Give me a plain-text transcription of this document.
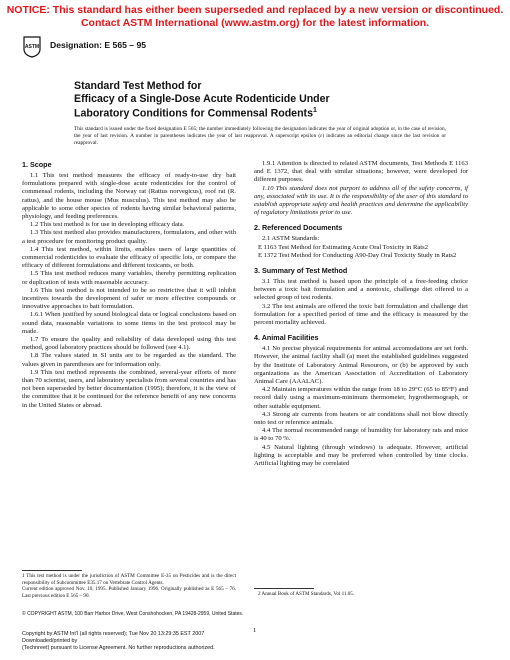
NOTICE: This standard has either been superseded and replaced by a new version or discontinued.
Contact ASTM International (www.astm.org) for the latest information.
ASTM Designation: E 565 – 95
Standard Test Method for
Efficacy of a Single-Dose Acute Rodenticide Under
Laboratory Conditions for Commensal Rodents$^1$
This standard is issued under the fixed designation E 565; the number immediately following the designation indicates the year of original adoption or, in the case of revision, the year of last revision. A number in parentheses indicates the year of last reapproval. A superscript epsilon (ε) indicates an editorial change since the last revision or reapproval.
1. Scope

1.1 This test method measures the efficacy of ready-to-use dry bait formulations prepared with single-dose acute rodenticides for the control of commensal rodents, including the Norway rat (Rattus norvegicus), roof rat (R. rattus), and the house mouse (Mus musculus). This test method may also be applicable to some other species of rodents having similar behavioral patterns, physiology, and feeding preferences.

1.2 This test method is for use in developing efficacy data.

1.3 This test method also provides manufacturers, formulators, and other with a test procedure for monitoring product quality.

1.4 This test method, within limits, enables users of large quantities of commercial rodenticides to evaluate the efficacy of specific lots, or compare the efficacy of different formulations and different toxicants, or both.

1.5 This test method reduces many variables, thereby permitting replication or duplication of tests with reasonable accuracy.

1.6 This test method is not intended to be so restrictive that it will inhibit incentives towards the development of safer or more effective compounds or innovative approaches to bait formulation.

1.6.1 When justified by sound biological data or logical conclusions based on sound data, reasonable variations to some items in the test protocol may be made.

1.7 To ensure the quality and reliability of data developed using this test method, good laboratory practices should be followed (see 4.1).

1.8 The values stated in SI units are to be regarded as the standard. The values given in parentheses are for information only.

1.9 This test method represents the combined, several-year efforts of more than 70 scientist, users, and laboratory specialists from several countries and has not been superseded by better documentation (1995); therefore, it is the view of the committee that it be continued for the reference benefit of any new concerns in the United States or abroad.

1 This test method is under the jurisdiction of ASTM Committee E-35 on Pesticides and is the direct responsibility of Subcommittee E35.17 on Vertebrate Control Agents.
Current edition approved Nov. 10, 1995. Published January 1996. Originally published as E 565 – 76. Last previous edition E 565 – 90.

1.9.1 Attention is directed to related ASTM documents, Test Methods E 1163 and E 1372, that deal with similar situations; however, were developed for different purposes.

1.10 This standard does not purport to address all of the safety concerns, if any, associated with its use. It is the responsibility of the user of this standard to establish appropriate safety and health practices and determine the applicability of regulatory limitations prior to use.

2. Referenced Documents

2.1 ASTM Standards:

E 1163 Test Method for Estimating Acute Oral Toxicity in Rats2

E 1372 Test Method for Conducting A90-Day Oral Toxicity Study in Rats2

3. Summary of Test Method

3.1 This test method is based upon the principle of a free-feeding choice between a toxic bait formulation and a nontoxic, challenge diet offered to a selected group of test rodents.

3.2 The test animals are offered the toxic bait formulation and challenge diet formulation for a specified period of time and the efficacy is measured by the percent mortality achieved.

4. Animal Facilities

4.1 No precise physical requirements for animal accomodations are set forth. However, the animal facility shall (a) meet the established guidelines suggested by the Institute of Laboratory Animal Resources, or (b) be approved by such organizations as the American Association of Accreditation of Laboratory Animal Care (AAALAC).

4.2 Maintain temperatures within the range from 18 to 29°C (65 to 85°F) and record daily using a maximum-minimum thermometer, hygrothermograph, or other suitable equipment.

4.3 Strong air currents from heaters or air conditions shall not blow directly onto test or reference animals.

4.4 The normal recommended range of humidity for laboratory rats and mice is 40 to 70 %.

4.5 Natural lighting (through windows) is adequate. However, artificial lighting is acceptable and may be preferred when controlled by time clocks. Artificial lighting may be correlated

2 Annual Book of ASTM Standards, Vol 11.05.
© COPYRIGHT ASTM, 100 Barr Harbor Drive, West Conshohocken, PA 19428-2959, United States.
1
Copyright by ASTM Int'l (all rights reserved); Tue Nov 20 13:29:35 EST 2007
Downloaded/printed by
(Technreet) pursuant to License Agreement. No further reproductions authorized.
